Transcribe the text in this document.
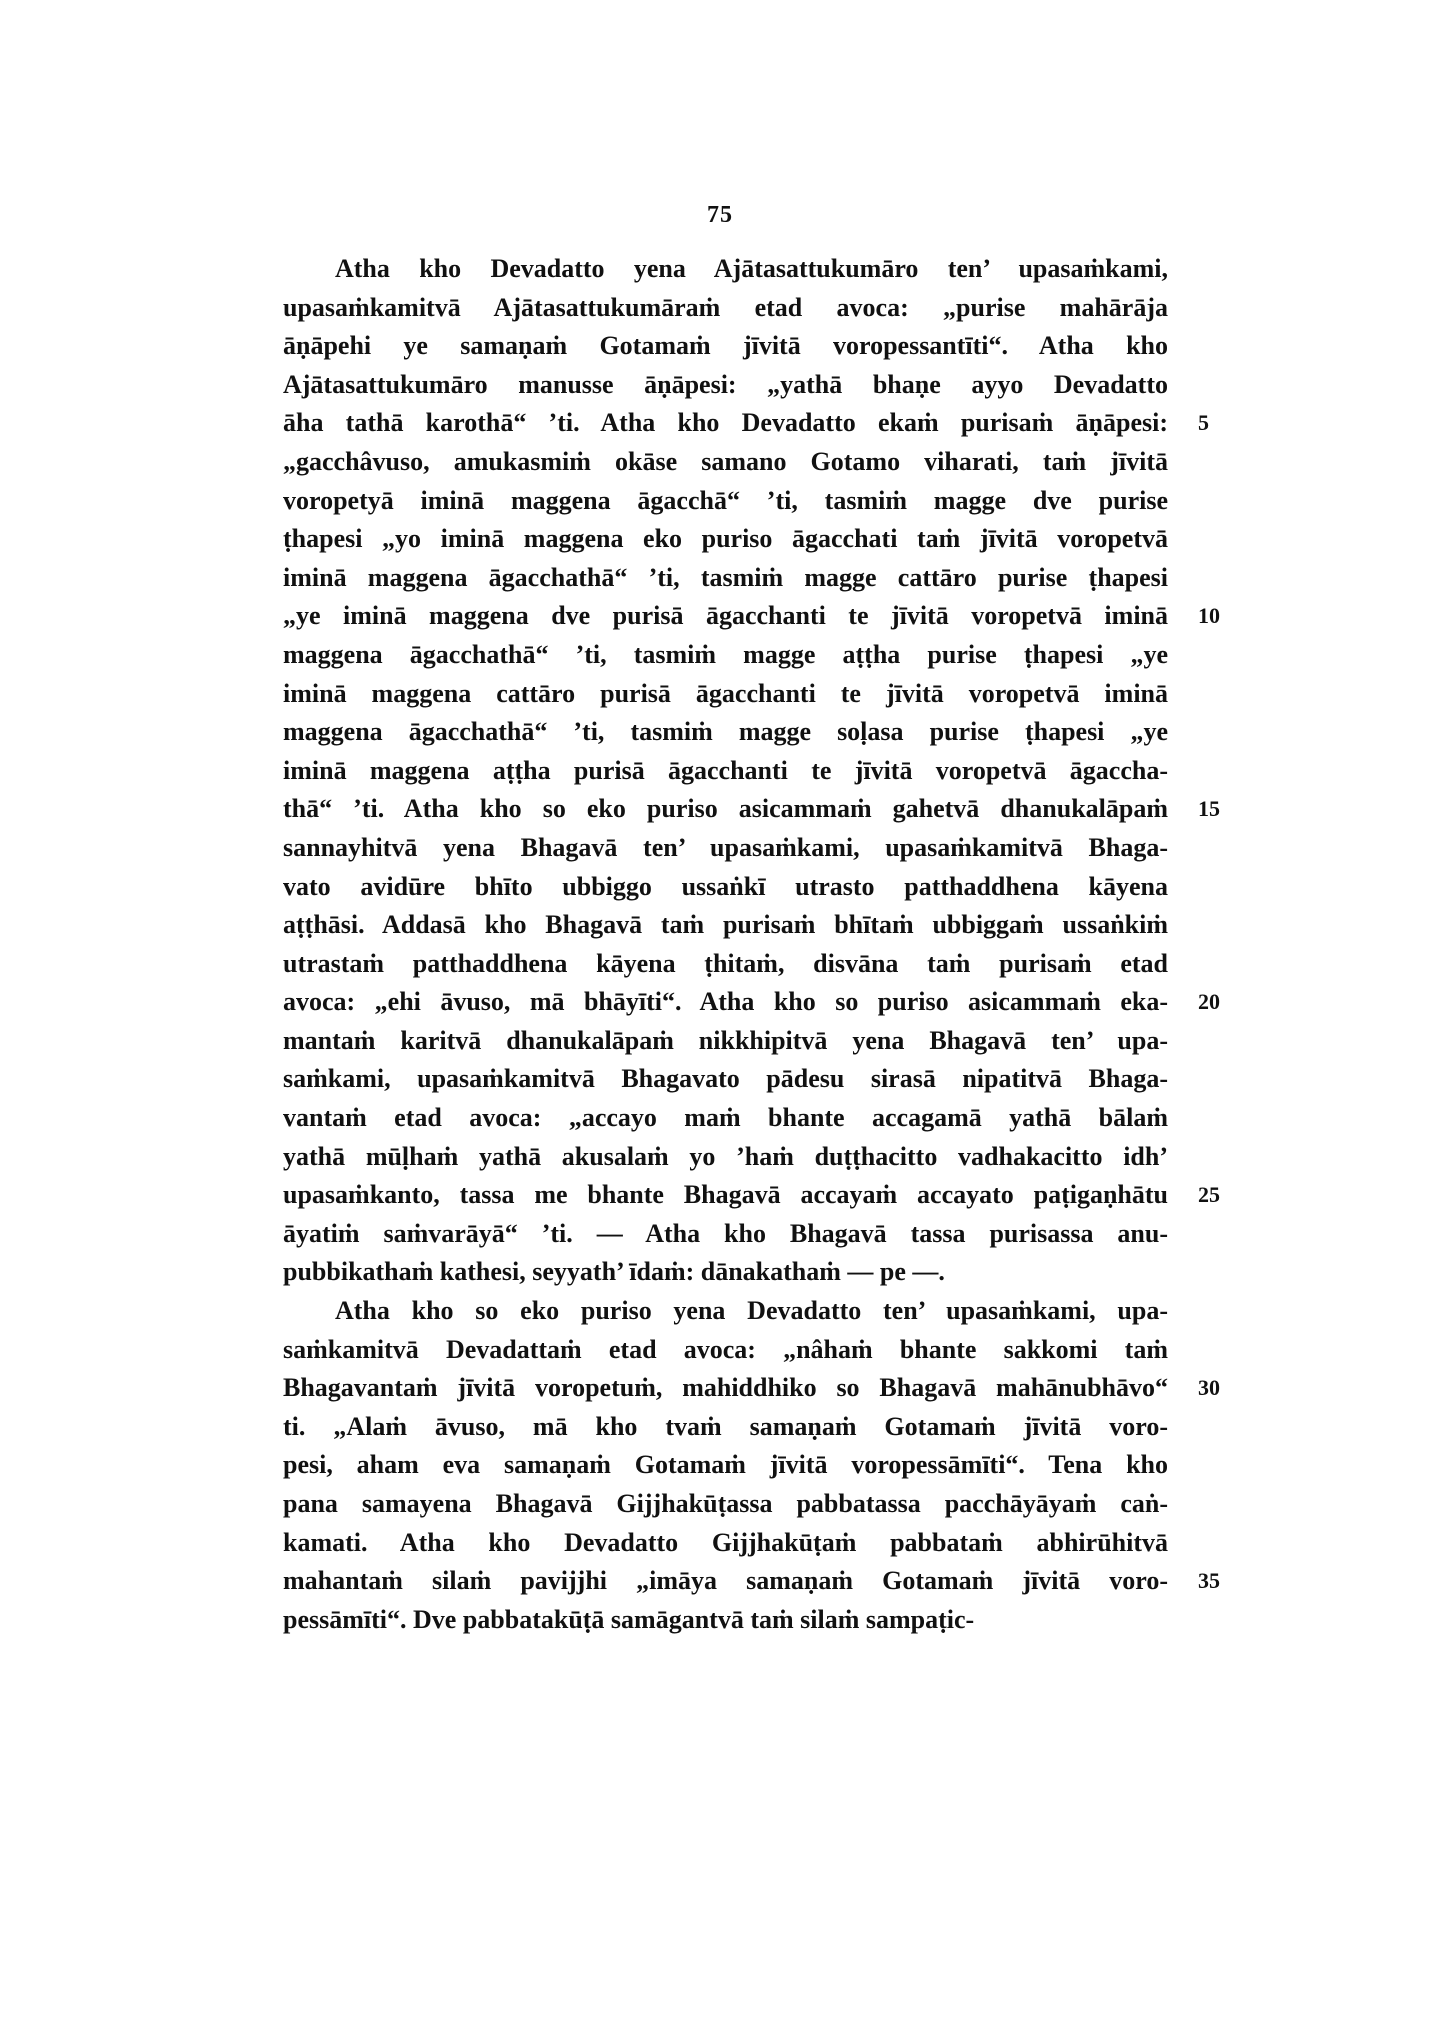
75
Atha kho Devadatto yena Ajātasattukumāro ten’ upasaṁkami,
upasaṁkamitvā Ajātasattukumāraṁ etad avoca: „purise mahārāja
āṇāpehi ye samaṇaṁ Gotamaṁ jīvitā voropessantīti“. Atha kho
Ajātasattukumāro manusse āṇāpesi: „yathā bhaṇe ayyo Devadatto
āha tathā karothā“ ’ti. Atha kho Devadatto ekaṁ purisaṁ āṇāpesi: 5
„gacchâvuso, amukasmiṁ okāse samano Gotamo viharati, taṁ jīvitā
voropetyā iminā maggena āgacchā“ ’ti, tasmiṁ magge dve purise
ṭhapesi „yo iminā maggena eko puriso āgacchati taṁ jīvitā voropetvā
iminā maggena āgacchathā“ ’ti, tasmiṁ magge cattāro purise ṭhapesi
„ye iminā maggena dve purisā āgacchanti te jīvitā voropetvā iminā 10
maggena āgacchathā“ ’ti, tasmiṁ magge aṭṭha purise ṭhapesi „ye
iminā maggena cattāro purisā āgacchanti te jīvitā voropetvā iminā
maggena āgacchathā“ ’ti, tasmiṁ magge soḷasa purise ṭhapesi „ye
iminā maggena aṭṭha purisā āgacchanti te jīvitā voropetvā āgaccha-
thā“ ’ti. Atha kho so eko puriso asicammaṁ gahetvā dhanukalāpaṁ 15
sannayhitvā yena Bhagavā ten’ upasaṁkami, upasaṁkamitvā Bhaga-
vato avidūre bhīto ubbiggo ussaṅkī utrasto patthaddhena kāyena
aṭṭhāsi. Addasā kho Bhagavā taṁ purisaṁ bhītaṁ ubbiggaṁ ussaṅkiṁ
utrastaṁ patthaddhena kāyena ṭhitaṁ, disvāna taṁ purisaṁ etad
avoca: „ehi āvuso, mā bhāyīti“. Atha kho so puriso asicammaṁ eka- 20
mantaṁ karitvā dhanukalāpaṁ nikkhipitvā yena Bhagavā ten’ upa-
saṁkami, upasaṁkamitvā Bhagavato pādesu sirasā nipatitvā Bhaga-
vantaṁ etad avoca: „accayo maṁ bhante accagamā yathā bālaṁ
yathā mūḷhaṁ yathā akusalaṁ yo ’haṁ duṭṭhacitto vadhakacitto idh’
upasaṁkanto, tassa me bhante Bhagavā accayaṁ accayato paṭigaṇhātu 25
āyatiṁ saṁvarāyā“ ’ti. — Atha kho Bhagavā tassa purisassa anu-
pubbikathaṁ kathesi, seyyath’ īdaṁ: dānakathaṁ — pe —.
Atha kho so eko puriso yena Devadatto ten’ upasaṁkami, upa-
saṁkamitvā Devadattaṁ etad avoca: „nâhaṁ bhante sakkomi taṁ
Bhagavantaṁ jīvitā voropetuṁ, mahiddhiko so Bhagavā mahānubhāvo“ 30
ti. „Alaṁ āvuso, mā kho tvaṁ samaṇaṁ Gotamaṁ jīvitā voro-
pesi, aham eva samaṇaṁ Gotamaṁ jīvitā voropessāmīti“. Tena kho
pana samayena Bhagavā Gijjhakūṭassa pabbatassa pacchāyāyaṁ caṅ-
kamati. Atha kho Devadatto Gijjhakūṭaṁ pabbataṁ abhirūhitvā
mahantaṁ silaṁ pavijjhi „imāya samaṇaṁ Gotamaṁ jīvitā voro- 35
pessāmīti“. Dve pabbatakūṭā samāgantvā taṁ silaṁ sampaṭic-
